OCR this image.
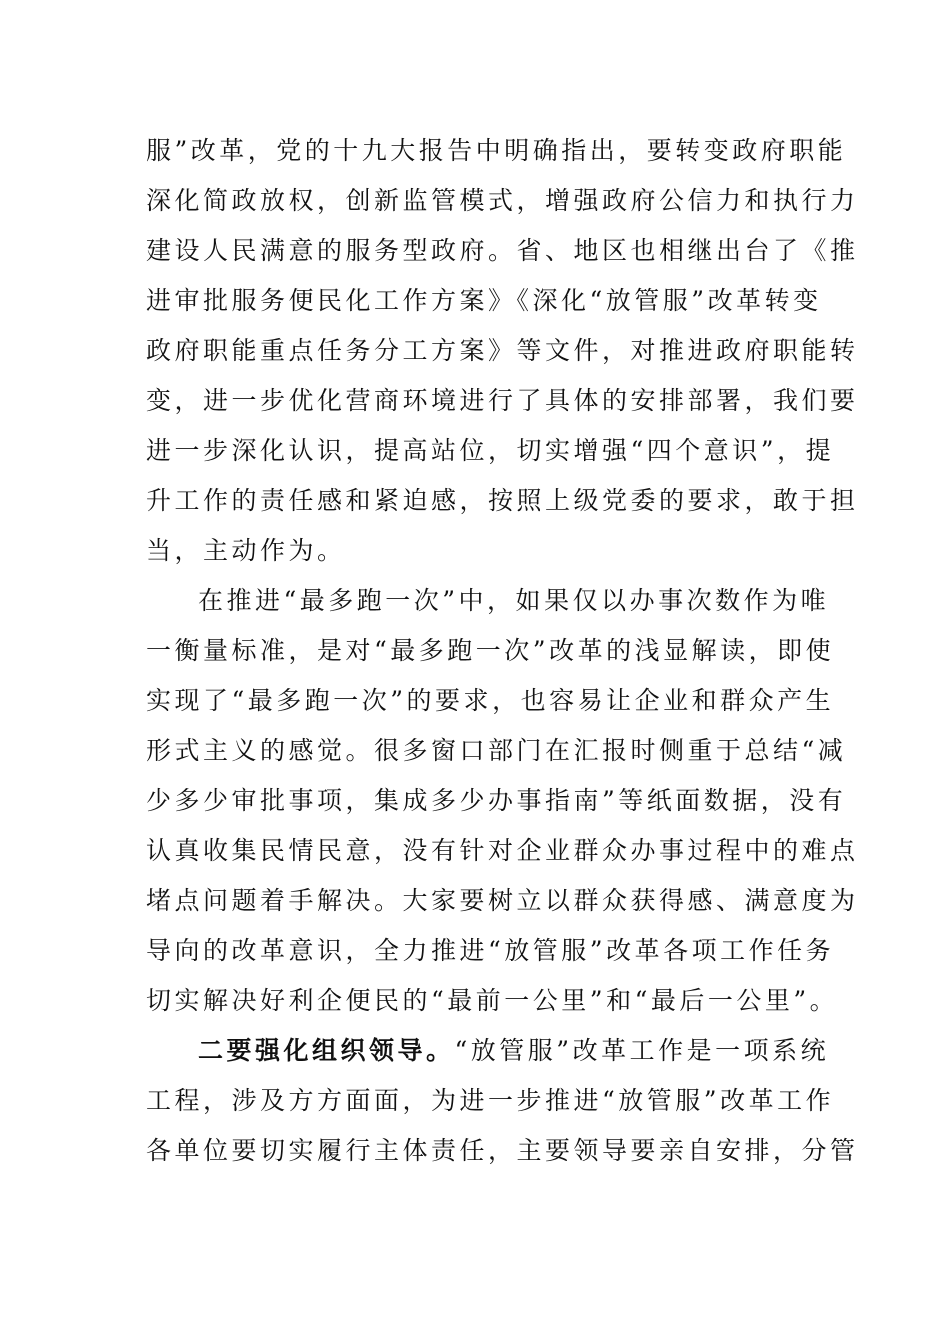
服”改革，党的十九大报告中明确指出，要转变政府职能
深化简政放权，创新监管模式，增强政府公信力和执行力
建设人民满意的服务型政府。省、地区也相继出台了《推
进审批服务便民化工作方案》《深化“放管服”改革转变
政府职能重点任务分工方案》等文件，对推进政府职能转
变，进一步优化营商环境进行了具体的安排部署，我们要
进一步深化认识，提高站位，切实增强“四个意识”，提
升工作的责任感和紧迫感，按照上级党委的要求，敢于担
当，主动作为。
在推进“最多跑一次”中，如果仅以办事次数作为唯
一衡量标准，是对“最多跑一次”改革的浅显解读，即使
实现了“最多跑一次”的要求，也容易让企业和群众产生
形式主义的感觉。很多窗口部门在汇报时侧重于总结“减
少多少审批事项，集成多少办事指南”等纸面数据，没有
认真收集民情民意，没有针对企业群众办事过程中的难点
堵点问题着手解决。大家要树立以群众获得感、满意度为
导向的改革意识，全力推进“放管服”改革各项工作任务
切实解决好利企便民的“最前一公里”和“最后一公里”。
二要强化组织领导。“放管服”改革工作是一项系统
工程，涉及方方面面，为进一步推进“放管服”改革工作
各单位要切实履行主体责任，主要领导要亲自安排，分管
